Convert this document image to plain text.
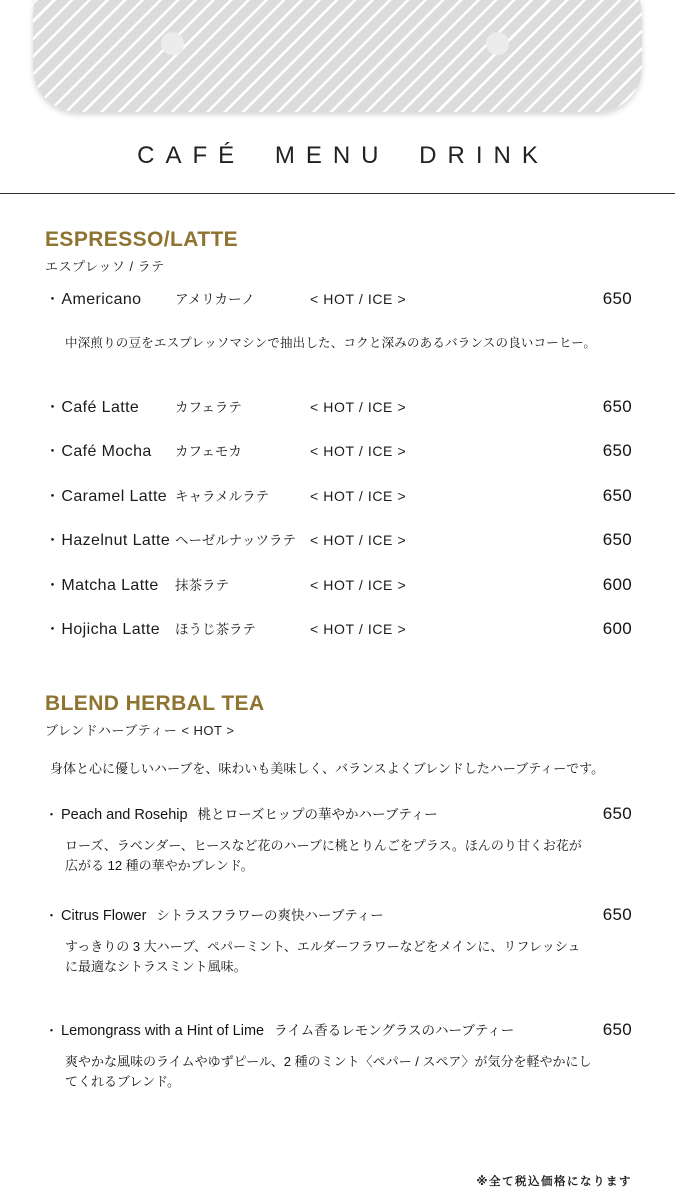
CAFÉ MENU DRINK
ESPRESSO/LATTE
エスプレッソ / ラテ
・Americano	アメリカーノ	< HOT / ICE >	650
中深煎りの豆をエスプレッソマシンで抽出した、コクと深みのあるバランスの良いコーヒー。
・Café Latte	カフェラテ	< HOT / ICE >	650
・Café Mocha	カフェモカ	< HOT / ICE >	650
・Caramel Latte キャラメルラテ	< HOT / ICE >	650
・Hazelnut Latte ヘーゼルナッツラテ	< HOT / ICE >	650
・Matcha Latte	抹茶ラテ	< HOT / ICE >	600
・Hojicha Latte	ほうじ茶ラテ	< HOT / ICE >	600
BLEND HERBAL TEA
ブレンドハーブティー < HOT >
身体と心に優しいハーブを、味わいも美味しく、バランスよくブレンドしたハーブティーです。
・ Peach and Rosehip 桃とローズヒップの華やかハーブティー	650
ローズ、ラベンダー、ヒースなど花のハーブに桃とりんごをプラス。ほんのり甘くお花が広がる 12 種の華やかブレンド。
・ Citrus Flower シトラスフラワーの爽快ハーブティー	650
すっきりの 3 大ハーブ、ペパーミント、エルダーフラワーなどをメインに、リフレッシュに最適なシトラスミント風味。
・ Lemongrass with a Hint of Lime ライム香るレモングラスのハーブティー	650
爽やかな風味のライムやゆずピール、2 種のミント〈ペパー / スペア〉が気分を軽やかにしてくれるブレンド。
※全て税込価格になります
